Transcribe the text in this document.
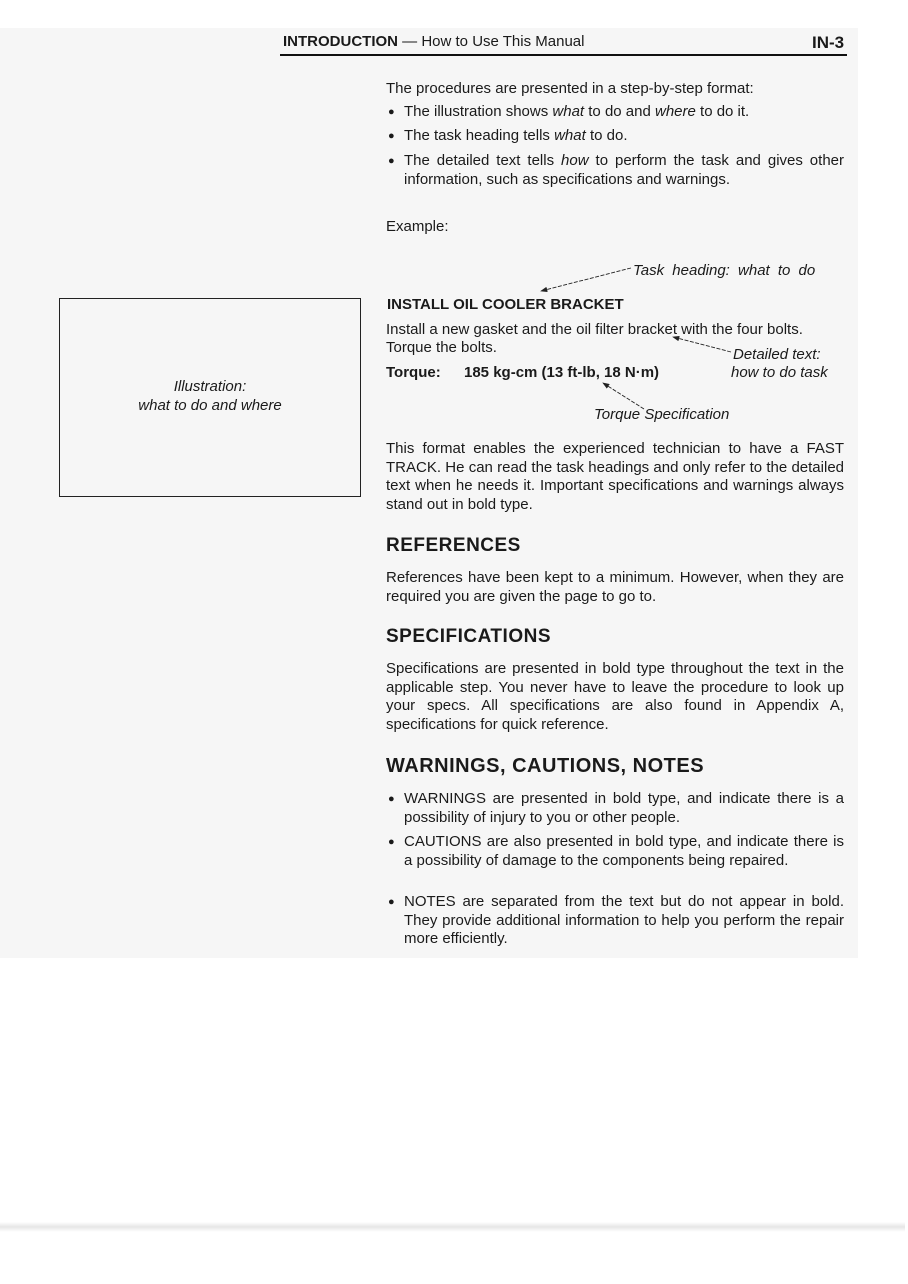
INTRODUCTION — How to Use This Manual	IN-3
The procedures are presented in a step-by-step format:
● The illustration shows what to do and where to do it.
● The task heading tells what to do.
● The detailed text tells how to perform the task and gives other information, such as specifications and warnings.
Example:
Task heading: what to do
INSTALL OIL COOLER BRACKET
Install a new gasket and the oil filter bracket with the four bolts.
Torque the bolts.	Detailed text:
Torque: 185 kg-cm (13 ft-lb, 18 N·m)	how to do task
Torque Specification
Illustration:
what to do and where
This format enables the experienced technician to have a FAST TRACK. He can read the task headings and only refer to the detailed text when he needs it. Important specifications and warnings always stand out in bold type.
REFERENCES
References have been kept to a minimum. However, when they are required you are given the page to go to.
SPECIFICATIONS
Specifications are presented in bold type throughout the text in the applicable step. You never have to leave the procedure to look up your specs. All specifications are also found in Appendix A, specifications for quick reference.
WARNINGS, CAUTIONS, NOTES
● WARNINGS are presented in bold type, and indicate there is a possibility of injury to you or other people.
● CAUTIONS are also presented in bold type, and indicate there is a possibility of damage to the components being repaired.
● NOTES are separated from the text but do not appear in bold. They provide additional information to help you perform the repair more efficiently.
